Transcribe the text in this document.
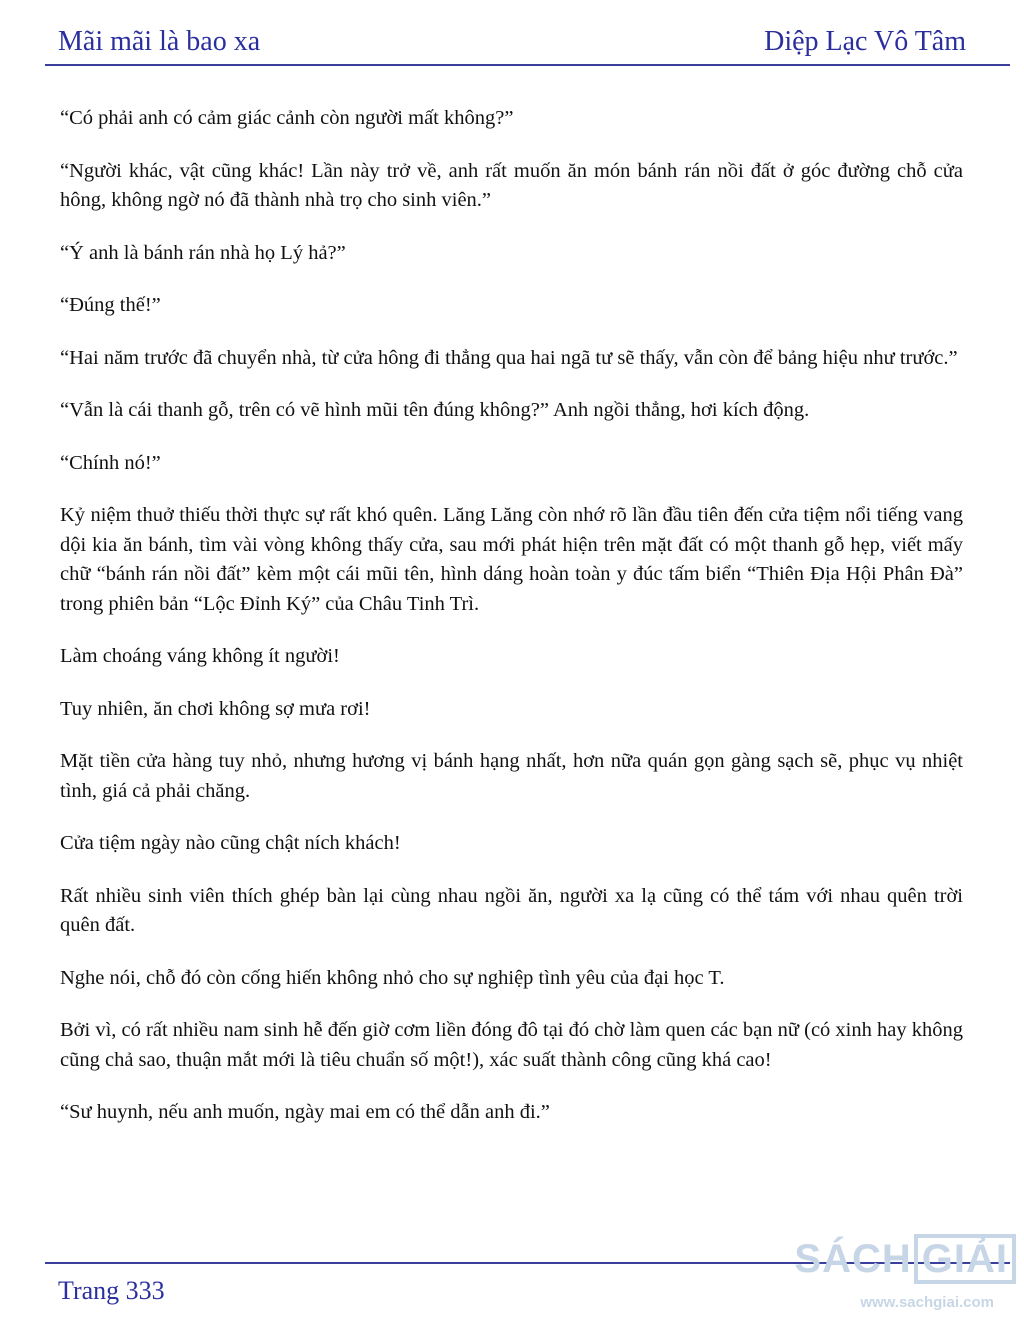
Mãi mãi là bao xa	Diệp Lạc Vô Tâm

“Có phải anh có cảm giác cảnh còn người mất không?”

“Người khác, vật cũng khác! Lần này trở về, anh rất muốn ăn món bánh rán nồi đất ở góc đường chỗ cửa hông, không ngờ nó đã thành nhà trọ cho sinh viên.”

“Ý anh là bánh rán nhà họ Lý hả?”

“Đúng thế!”

“Hai năm trước đã chuyển nhà, từ cửa hông đi thẳng qua hai ngã tư sẽ thấy, vẫn còn để bảng hiệu như trước.”

“Vẫn là cái thanh gỗ, trên có vẽ hình mũi tên đúng không?” Anh ngồi thẳng, hơi kích động.

“Chính nó!”

Kỷ niệm thuở thiếu thời thực sự rất khó quên. Lăng Lăng còn nhớ rõ lần đầu tiên đến cửa tiệm nổi tiếng vang dội kia ăn bánh, tìm vài vòng không thấy cửa, sau mới phát hiện trên mặt đất có một thanh gỗ hẹp, viết mấy chữ “bánh rán nồi đất” kèm một cái mũi tên, hình dáng hoàn toàn y đúc tấm biển “Thiên Địa Hội Phân Đà” trong phiên bản “Lộc Đỉnh Ký” của Châu Tinh Trì.

Làm choáng váng không ít người!

Tuy nhiên, ăn chơi không sợ mưa rơi!

Mặt tiền cửa hàng tuy nhỏ, nhưng hương vị bánh hạng nhất, hơn nữa quán gọn gàng sạch sẽ, phục vụ nhiệt tình, giá cả phải chăng.

Cửa tiệm ngày nào cũng chật ních khách!

Rất nhiều sinh viên thích ghép bàn lại cùng nhau ngồi ăn, người xa lạ cũng có thể tám với nhau quên trời quên đất.

Nghe nói, chỗ đó còn cống hiến không nhỏ cho sự nghiệp tình yêu của đại học T.

Bởi vì, có rất nhiều nam sinh hễ đến giờ cơm liền đóng đô tại đó chờ làm quen các bạn nữ (có xinh hay không cũng chả sao, thuận mắt mới là tiêu chuẩn số một!), xác suất thành công cũng khá cao!

“Sư huynh, nếu anh muốn, ngày mai em có thể dẫn anh đi.”

Trang 333
SÁCH GIẢI
www.sachgiai.com
